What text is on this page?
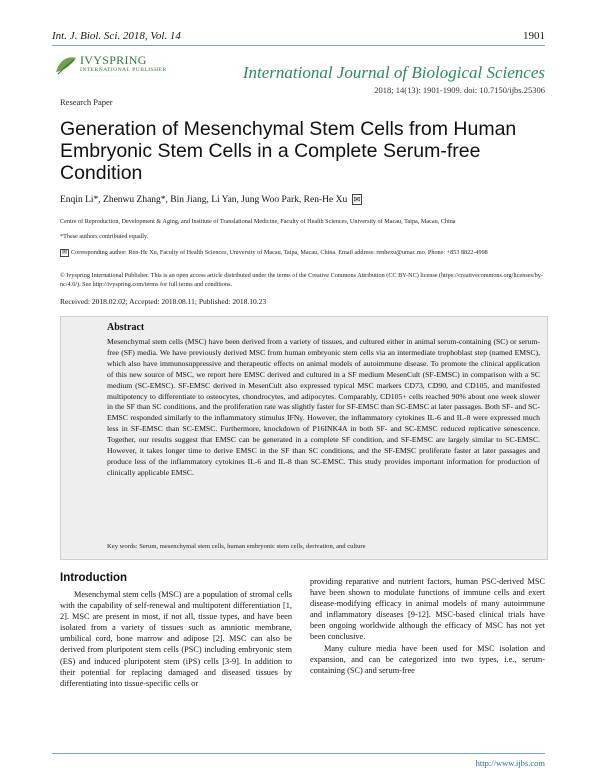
Int. J. Biol. Sci. 2018, Vol. 14	1901
IVYSPRING
INTERNATIONAL PUBLISHER	International Journal of Biological Sciences
2018; 14(13): 1901-1909. doi: 10.7150/ijbs.25306
Research Paper
Generation of Mesenchymal Stem Cells from Human Embryonic Stem Cells in a Complete Serum-free Condition
Enqin Li*, Zhenwu Zhang*, Bin Jiang, Li Yan, Jung Woo Park, Ren-He Xu ✉
Centre of Reproduction, Development & Aging, and Institute of Translational Medicine, Faculty of Health Sciences, University of Macau, Taipa, Macau, China
*These authors contributed equally.
✉ Corresponding author: Ren-He Xu, Faculty of Health Sciences, University of Macau, Taipa, Macau, China. Email address: renhexu@umac.mo. Phone: +853 8822-4998
© Ivyspring International Publisher. This is an open access article distributed under the terms of the Creative Commons Attribution (CC BY-NC) license (https://creativecommons.org/licenses/by-nc/4.0/). See http://ivyspring.com/terms for full terms and conditions.
Received: 2018.02.02; Accepted: 2018.08.11; Published: 2018.10.23
Abstract
Mesenchymal stem cells (MSC) have been derived from a variety of tissues, and cultured either in animal serum-containing (SC) or serum-free (SF) media. We have previously derived MSC from human embryonic stem cells via an intermediate trophoblast step (named EMSC), which also have immunosuppressive and therapeutic effects on animal models of autoimmune disease. To promote the clinical application of this new source of MSC, we report here EMSC derived and cultured in a SF medium MesenCult (SF-EMSC) in comparison with a SC medium (SC-EMSC). SF-EMSC derived in MesenCult also expressed typical MSC markers CD73, CD90, and CD105, and manifested multipotency to differentiate to osteocytes, chondrocytes, and adipocytes. Comparably, CD105+ cells reached 90% about one week slower in the SF than SC conditions, and the proliferation rate was slightly faster for SF-EMSC than SC-EMSC at later passages. Both SF- and SC-EMSC responded similarly to the inflammatory stimulus IFNγ. However, the inflammatory cytokines IL-6 and IL-8 were expressed much less in SF-EMSC than SC-EMSC. Furthermore, knockdown of P16INK4A in both SF- and SC-EMSC reduced replicative senescence. Together, our results suggest that EMSC can be generated in a complete SF condition, and SF-EMSC are largely similar to SC-EMSC. However, it takes longer time to derive EMSC in the SF than SC conditions, and the SF-EMSC proliferate faster at later passages and produce less of the inflammatory cytokines IL-6 and IL-8 than SC-EMSC. This study provides important information for production of clinically applicable EMSC.
Key words: Serum, mesenchymal stem cells, human embryonic stem cells, derivation, and culture
Introduction
Mesenchymal stem cells (MSC) are a population of stromal cells with the capability of self-renewal and multipotent differentiation [1, 2]. MSC are present in most, if not all, tissue types, and have been isolated from a variety of tissues such as amniotic membrane, umbilical cord, bone marrow and adipose [2]. MSC can also be derived from pluripotent stem cells (PSC) including embryonic stem (ES) and induced pluripotent stem (iPS) cells [3-9]. In addition to their potential for replacing damaged and diseased tissues by differentiating into tissue-specific cells or
providing reparative and nutrient factors, human PSC-derived MSC have been shown to modulate functions of immune cells and exert disease-modifying efficacy in animal models of many autoimmune and inflammatory diseases [9-12]. MSC-based clinical trials have been ongoing worldwide although the efficacy of MSC has not yet been conclusive.
Many culture media have been used for MSC isolation and expansion, and can be categorized into two types, i.e., serum-containing (SC) and serum-free
http://www.ijbs.com
